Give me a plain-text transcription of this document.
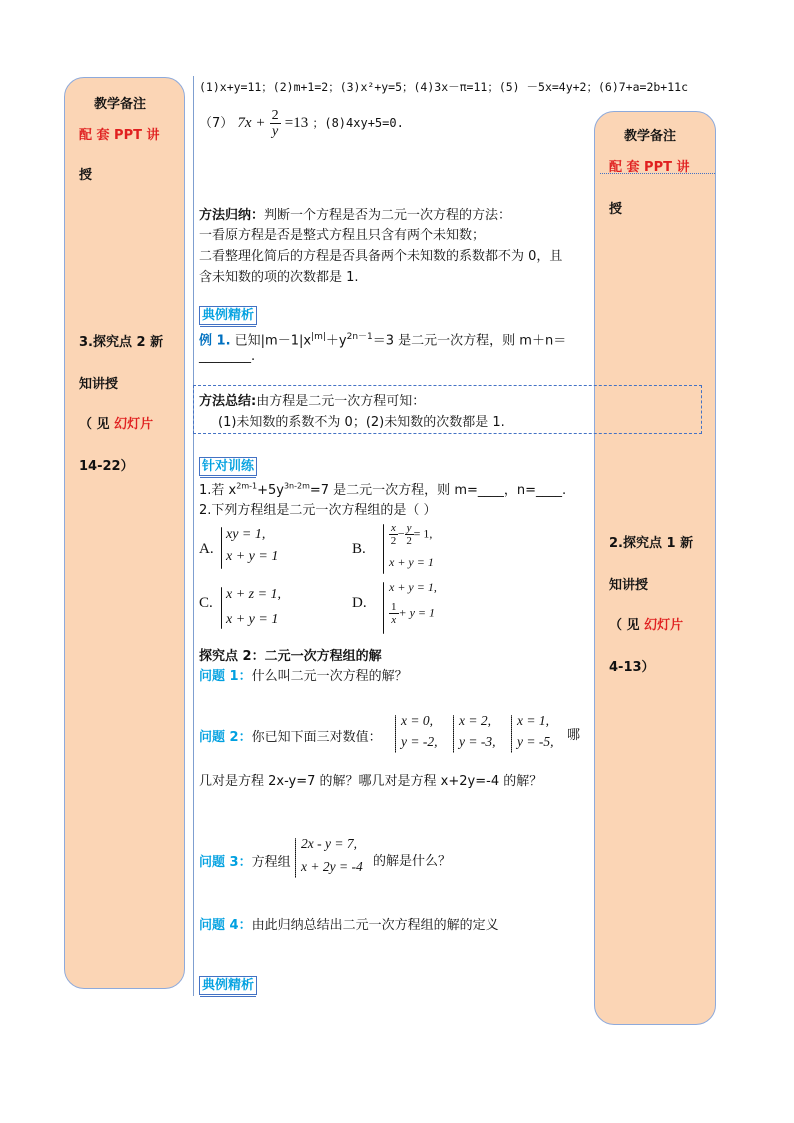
教学备注
配 套 PPT 讲
授
3.探究点 2 新
知讲授
（ 见 幻灯片
14-22）
教学备注
配 套 PPT 讲
授
2.探究点 1 新
知讲授
（ 见 幻灯片
4-13）
(1)x+y=11；(2)m+1=2；(3)x²+y=5；(4)3x－π=11；(5) －5x=4y+2；(6)7+a=2b+11c
（7） $7x + \frac{2}{y} =13$ ；(8)4xy+5=0.
方法归纳：判断一个方程是否为二元一次方程的方法：
一看原方程是否是整式方程且只含有两个未知数；
二看整理化简后的方程是否具备两个未知数的系数都不为 0，且
含未知数的项的次数都是 1.
典例精析
例 1. 已知$|m-1|x^{|m|}+y^{2n-1}=3$ 是二元一次方程，则 m＋n＝
________.
方法总结:由方程是二元一次方程可知：
(1)未知数的系数不为 0；(2)未知数的次数都是 1.
针对训练
1.若 $x^{2m-1}+5y^{3n-2m}=7$ 是二元一次方程，则 m=____，n=____.
2.下列方程组是二元一次方程组的是（ ）
A.
xy = 1,
x + y = 1	B.
$\frac{x}{2} - \frac{y}{2} = 1$,
x + y = 1
C.
x + z = 1,
x + y = 1
D.
x + y = 1,
$\frac{1}{x} + y = 1$
探究点 2：二元一次方程组的解
问题 1：什么叫二元一次方程的解？
问题 2：你已知下面三对数值：
x = 0,
y = -2,
x = 2,
y = -3,
x = 1,
y = -5, 哪
几对是方程 2x-y=7 的解？哪几对是方程 x+2y=-4 的解？
问题 3：方程组
2x - y = 7,
x + 2y = -4 的解是什么？
问题 4：由此归纳总结出二元一次方程组的解的定义
典例精析
